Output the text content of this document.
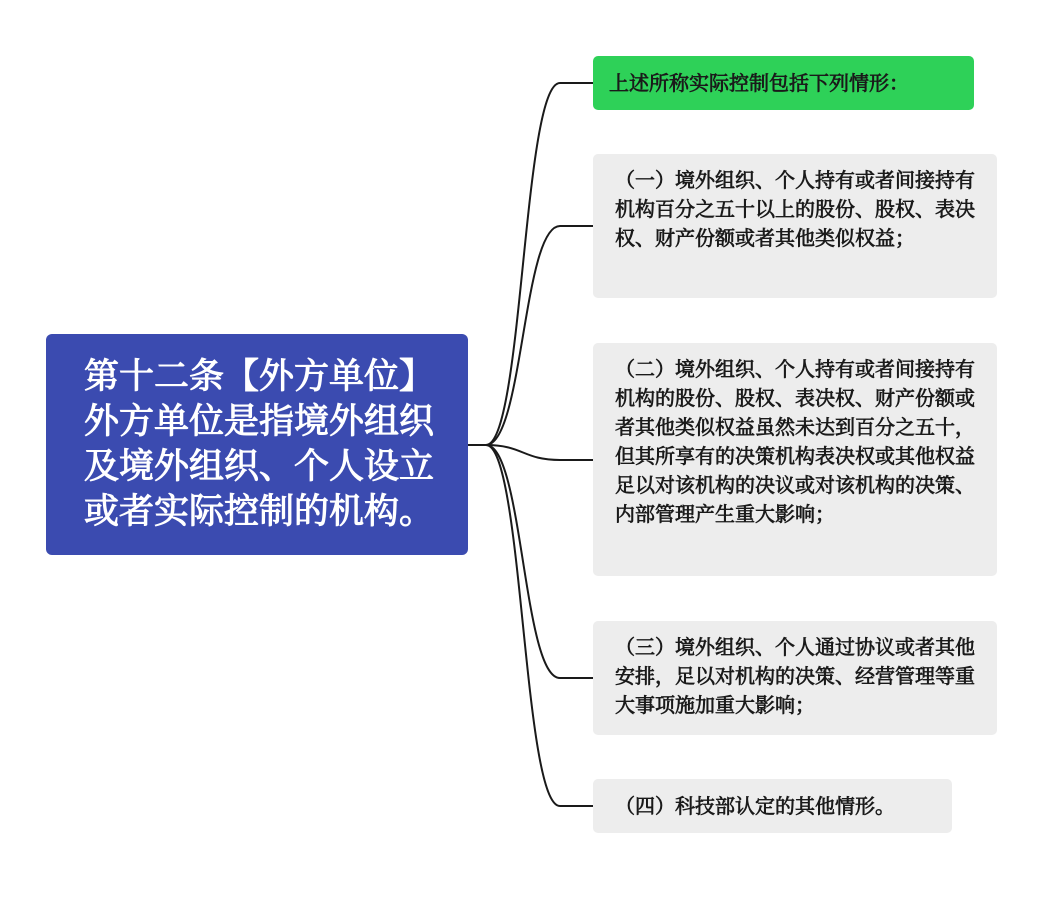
第十二条【外方单位】外方单位是指境外组织及境外组织、个人设立或者实际控制的机构。
上述所称实际控制包括下列情形：
（一）境外组织、个人持有或者间接持有机构百分之五十以上的股份、股权、表决权、财产份额或者其他类似权益；
（二）境外组织、个人持有或者间接持有机构的股份、股权、表决权、财产份额或者其他类似权益虽然未达到百分之五十，但其所享有的决策机构表决权或其他权益足以对该机构的决议或对该机构的决策、内部管理产生重大影响；
（三）境外组织、个人通过协议或者其他安排，足以对机构的决策、经营管理等重大事项施加重大影响；
（四）科技部认定的其他情形。
